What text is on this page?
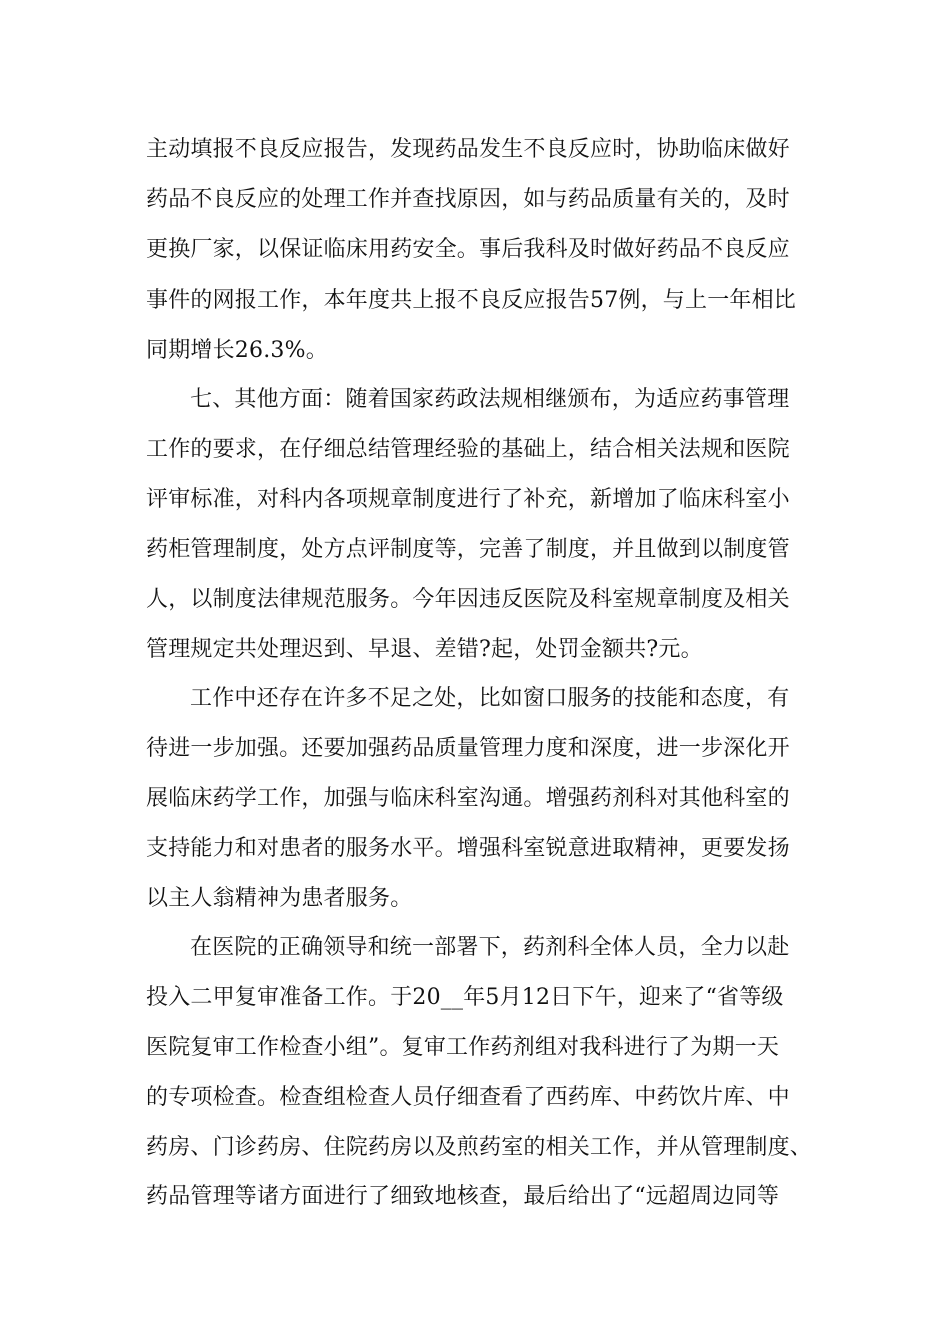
主动填报不良反应报告，发现药品发生不良反应时，协助临床做好
药品不良反应的处理工作并查找原因，如与药品质量有关的，及时
更换厂家，以保证临床用药安全。事后我科及时做好药品不良反应
事件的网报工作，本年度共上报不良反应报告57例，与上一年相比
同期增长26.3%。
七、其他方面：随着国家药政法规相继颁布，为适应药事管理
工作的要求，在仔细总结管理经验的基础上，结合相关法规和医院
评审标准，对科内各项规章制度进行了补充，新增加了临床科室小
药柜管理制度，处方点评制度等，完善了制度，并且做到以制度管
人，以制度法律规范服务。今年因违反医院及科室规章制度及相关
管理规定共处理迟到、早退、差错?起，处罚金额共?元。
工作中还存在许多不足之处，比如窗口服务的技能和态度，有
待进一步加强。还要加强药品质量管理力度和深度，进一步深化开
展临床药学工作，加强与临床科室沟通。增强药剂科对其他科室的
支持能力和对患者的服务水平。增强科室锐意进取精神，更要发扬
以主人翁精神为患者服务。
在医院的正确领导和统一部署下，药剂科全体人员，全力以赴
投入二甲复审准备工作。于20__年5月12日下午，迎来了“省等级
医院复审工作检查小组”。复审工作药剂组对我科进行了为期一天
的专项检查。检查组检查人员仔细查看了西药库、中药饮片库、中
药房、门诊药房、住院药房以及煎药室的相关工作，并从管理制度、
药品管理等诸方面进行了细致地核查，最后给出了“远超周边同等
